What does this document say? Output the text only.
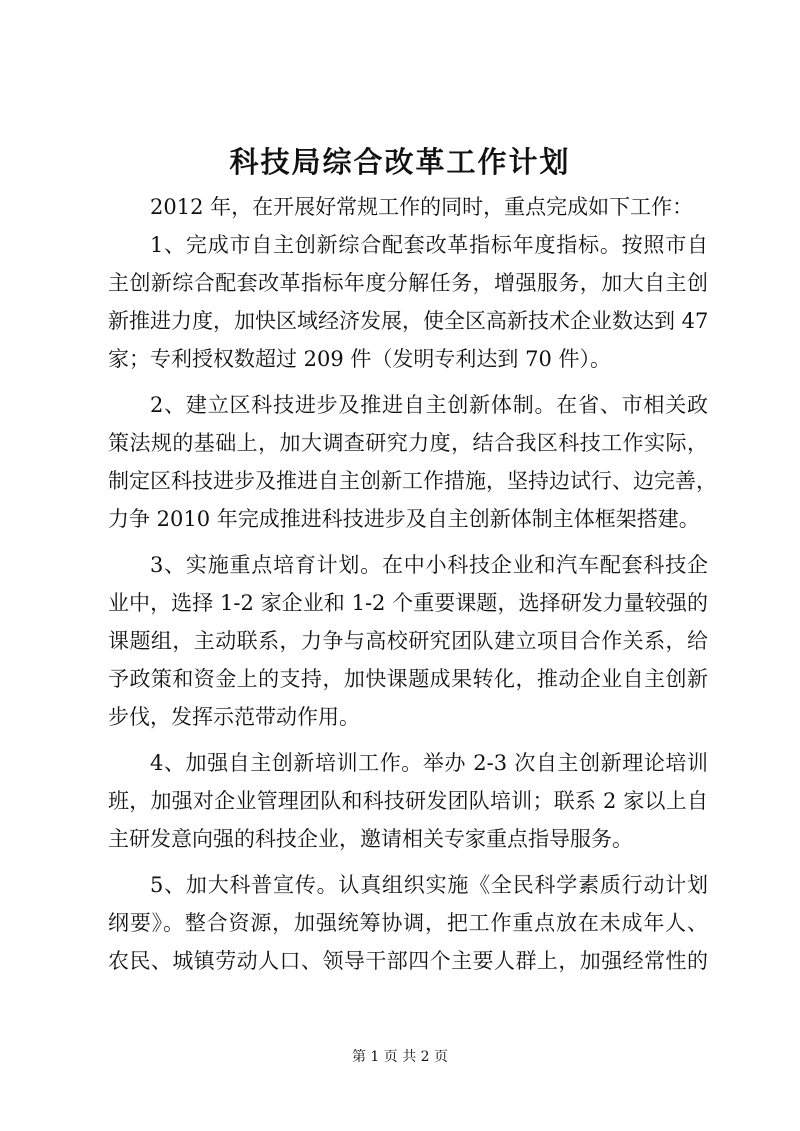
科技局综合改革工作计划
2012 年，在开展好常规工作的同时，重点完成如下工作：
1、完成市自主创新综合配套改革指标年度指标。按照市自
主创新综合配套改革指标年度分解任务，增强服务，加大自主创
新推进力度，加快区域经济发展，使全区高新技术企业数达到 47
家；专利授权数超过 209 件（发明专利达到 70 件）。
2、建立区科技进步及推进自主创新体制。在省、市相关政
策法规的基础上，加大调查研究力度，结合我区科技工作实际，
制定区科技进步及推进自主创新工作措施，坚持边试行、边完善，
力争 2010 年完成推进科技进步及自主创新体制主体框架搭建。
3、实施重点培育计划。在中小科技企业和汽车配套科技企
业中，选择 1-2 家企业和 1-2 个重要课题，选择研发力量较强的
课题组，主动联系，力争与高校研究团队建立项目合作关系，给
予政策和资金上的支持，加快课题成果转化，推动企业自主创新
步伐，发挥示范带动作用。
4、加强自主创新培训工作。举办 2-3 次自主创新理论培训
班，加强对企业管理团队和科技研发团队培训；联系 2 家以上自
主研发意向强的科技企业，邀请相关专家重点指导服务。
5、加大科普宣传。认真组织实施《全民科学素质行动计划
纲要》。整合资源，加强统筹协调，把工作重点放在未成年人、
农民、城镇劳动人口、领导干部四个主要人群上，加强经常性的
第 1 页 共 2 页
